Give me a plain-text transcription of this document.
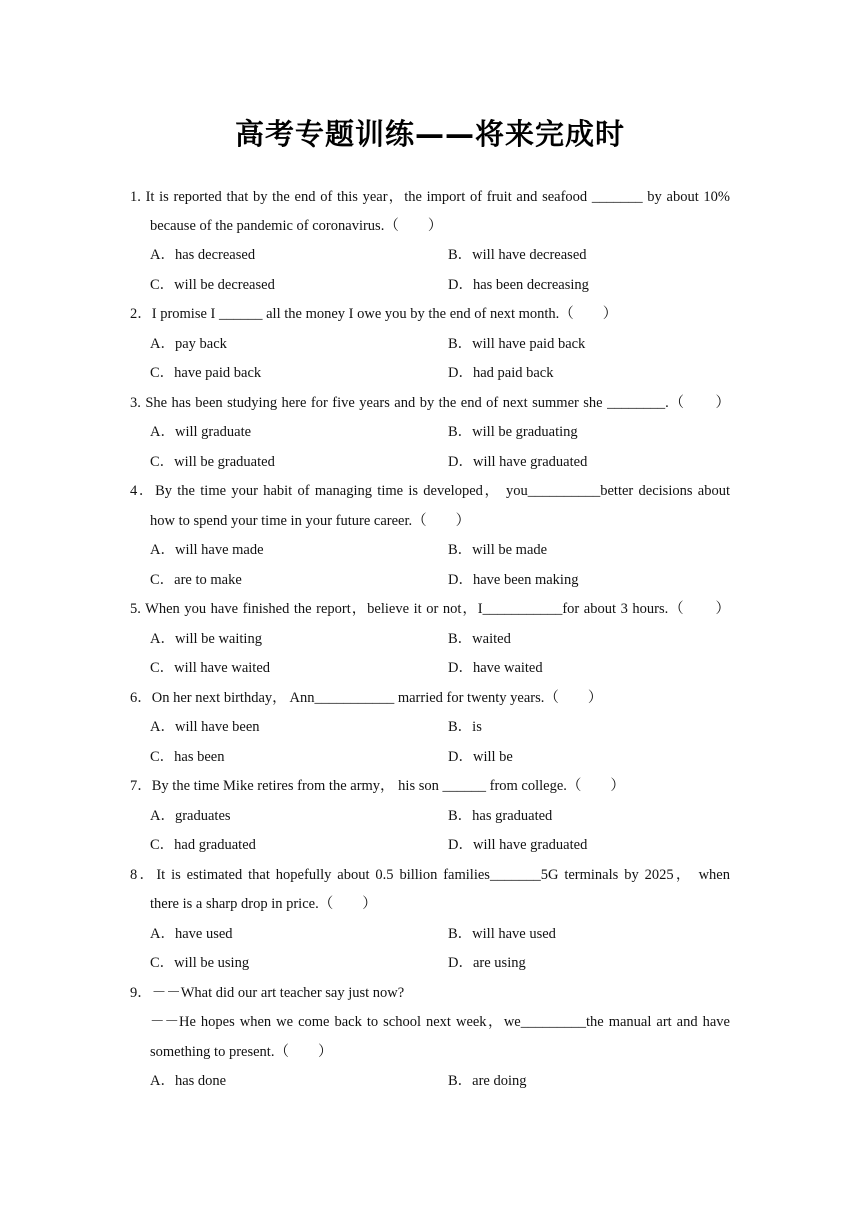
高考专题训练——将来完成时
1. It is reported that by the end of this year，the import of fruit and seafood _______ by about 10%
because of the pandemic of coronavirus.（　　）
A．has decreased	B．will have decreased
C．will be decreased	D．has been decreasing
2．I promise I ______ all the money I owe you by the end of next month.（　　）
A．pay back	B．will have paid back
C．have paid back	D．had paid back
3. She has been studying here for five years and by the end of next summer she ________.（　　）
A．will graduate	B．will be graduating
C．will be graduated	D．will have graduated
4．By the time your habit of managing time is developed， you__________better decisions about
how to spend your time in your future career.（　　）
A．will have made	B．will be made
C．are to make	D．have been making
5. When you have finished the report，believe it or not，I___________for about 3 hours.（　　）
A．will be waiting	B．waited
C．will have waited	D．have waited
6．On her next birthday， Ann___________ married for twenty years.（　　）
A．will have been	B．is
C．has been	D．will be
7．By the time Mike retires from the army， his son ______ from college.（　　）
A．graduates	B．has graduated
C．had graduated	D．will have graduated
8．It is estimated that hopefully about 0.5 billion families_______5G terminals by 2025， when
there is a sharp drop in price.（　　）
A．have used	B．will have used
C．will be using	D．are using
9．－－What did our art teacher say just now?
－－He hopes when we come back to school next week，we_________the manual art and have
something to present.（　　）
A．has done	B．are doing
